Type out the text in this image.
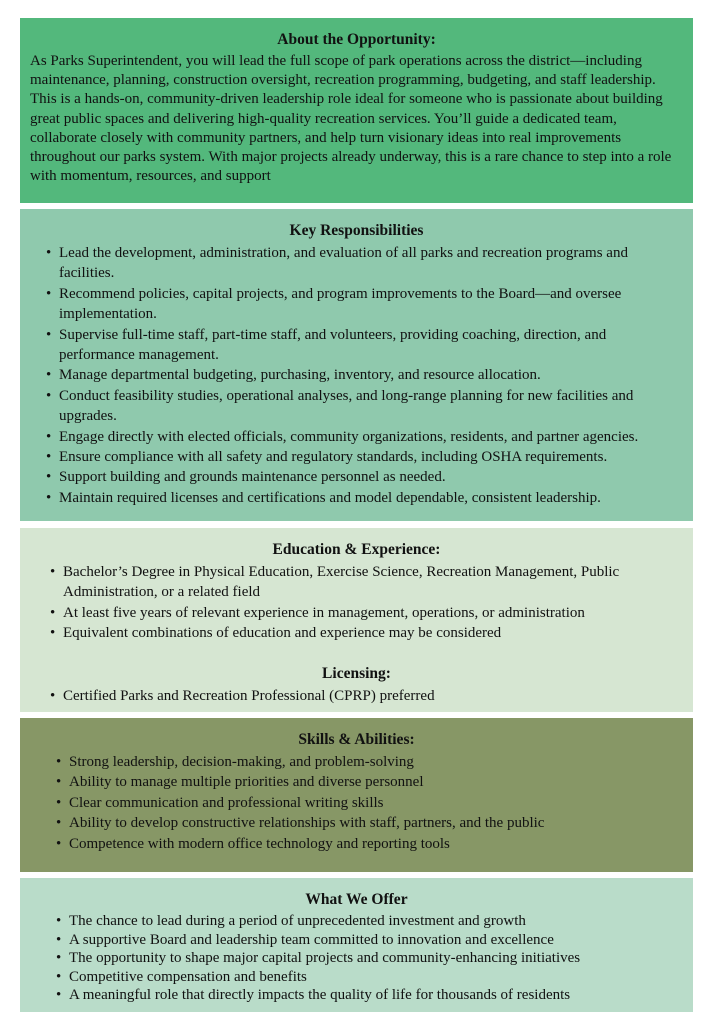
About the Opportunity:

As Parks Superintendent, you will lead the full scope of park operations across the district—including maintenance, planning, construction oversight, recreation programming, budgeting, and staff leadership. This is a hands-on, community-driven leadership role ideal for someone who is passionate about building great public spaces and delivering high-quality recreation services. You’ll guide a dedicated team, collaborate closely with community partners, and help turn visionary ideas into real improvements throughout our parks system. With major projects already underway, this is a rare chance to step into a role with momentum, resources, and support

Key Responsibilities
• Lead the development, administration, and evaluation of all parks and recreation programs and facilities.
• Recommend policies, capital projects, and program improvements to the Board—and oversee implementation.
• Supervise full-time staff, part-time staff, and volunteers, providing coaching, direction, and performance management.
• Manage departmental budgeting, purchasing, inventory, and resource allocation.
• Conduct feasibility studies, operational analyses, and long-range planning for new facilities and upgrades.
• Engage directly with elected officials, community organizations, residents, and partner agencies.
• Ensure compliance with all safety and regulatory standards, including OSHA requirements.
• Support building and grounds maintenance personnel as needed.
• Maintain required licenses and certifications and model dependable, consistent leadership.
Education & Experience:
• Bachelor’s Degree in Physical Education, Exercise Science, Recreation Management, Public Administration, or a related field
• At least five years of relevant experience in management, operations, or administration
• Equivalent combinations of education and experience may be considered
Licensing:
• Certified Parks and Recreation Professional (CPRP) preferred
Skills & Abilities:
• Strong leadership, decision-making, and problem-solving
• Ability to manage multiple priorities and diverse personnel
• Clear communication and professional writing skills
• Ability to develop constructive relationships with staff, partners, and the public
• Competence with modern office technology and reporting tools
What We Offer
• The chance to lead during a period of unprecedented investment and growth
• A supportive Board and leadership team committed to innovation and excellence
• The opportunity to shape major capital projects and community-enhancing initiatives
• Competitive compensation and benefits
• A meaningful role that directly impacts the quality of life for thousands of residents
